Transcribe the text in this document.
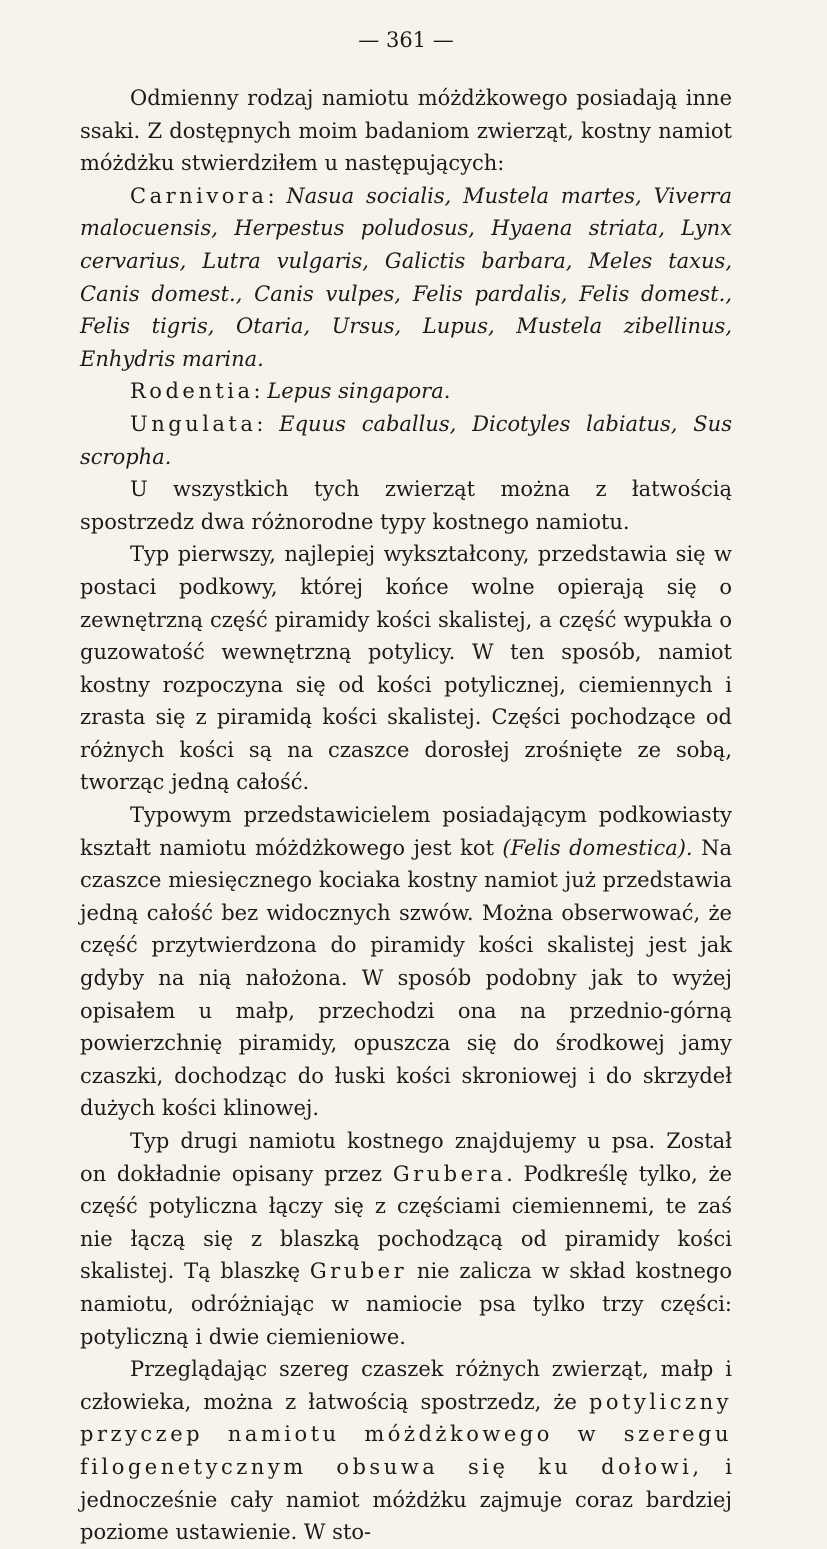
— 361 —

Odmienny rodzaj namiotu móżdżkowego posiadają inne ssaki. Z dostępnych moim badaniom zwierząt, kostny namiot móżdżku stwierdziłem u następujących:

Carnivora: Nasua socialis, Mustela martes, Viverra malocuensis, Herpestus poludosus, Hyaena striata, Lynx cervarius, Lutra vulgaris, Galictis barbara, Meles taxus, Canis domest., Canis vulpes, Felis pardalis, Felis domest., Felis tigris, Otaria, Ursus, Lupus, Mustela zibellinus, Enhydris marina.

Rodentia: Lepus singapora.

Ungulata: Equus caballus, Dicotyles labiatus, Sus scropha.

U wszystkich tych zwierząt można z łatwością spostrzedz dwa różnorodne typy kostnego namiotu.

Typ pierwszy, najlepiej wykształcony, przedstawia się w postaci podkowy, której końce wolne opierają się o zewnętrzną część piramidy kości skalistej, a część wypukła o guzowatość wewnętrzną potylicy. W ten sposób, namiot kostny rozpoczyna się od kości potylicznej, ciemiennych i zrasta się z piramidą kości skalistej. Części pochodzące od różnych kości są na czaszce dorosłej zrośnięte ze sobą, tworząc jedną całość.

Typowym przedstawicielem posiadającym podkowiasty kształt namiotu móżdżkowego jest kot (Felis domestica). Na czaszce miesięcznego kociaka kostny namiot już przedstawia jedną całość bez widocznych szwów. Można obserwować, że część przytwierdzona do piramidy kości skalistej jest jak gdyby na nią nałożona. W sposób podobny jak to wyżej opisałem u małp, przechodzi ona na przednio-górną powierzchnię piramidy, opuszcza się do środkowej jamy czaszki, dochodząc do łuski kości skroniowej i do skrzydeł dużych kości klinowej.

Typ drugi namiotu kostnego znajdujemy u psa. Został on dokładnie opisany przez Grubera. Podkreślę tylko, że część potyliczna łączy się z częściami ciemiennemi, te zaś nie łączą się z blaszką pochodzącą od piramidy kości skalistej. Tą blaszkę Gruber nie zalicza w skład kostnego namiotu, odróżniając w namiocie psa tylko trzy części: potyliczną i dwie ciemieniowe.

Przeglądając szereg czaszek różnych zwierząt, małp i człowieka, można z łatwością spostrzedz, że potyliczny przyczep namiotu móżdżkowego w szeregu filogenetycznym obsuwa się ku dołowi, i jednocześnie cały namiot móżdżku zajmuje coraz bardziej poziome ustawienie. W sto-
